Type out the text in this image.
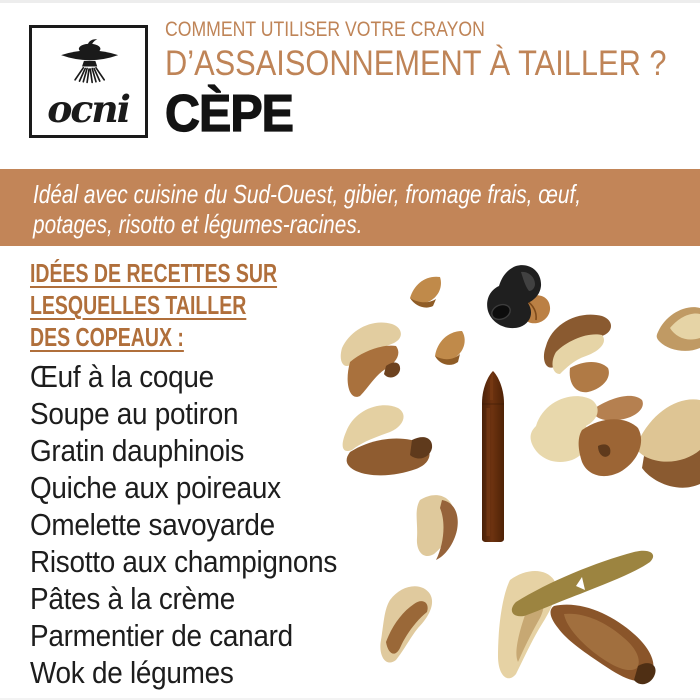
ocni
COMMENT UTILISER VOTRE CRAYON
D’ASSAISONNEMENT À TAILLER ?
CÈPE
Idéal avec cuisine du Sud-Ouest, gibier, fromage frais, œuf,
potages, risotto et légumes-racines.
IDÉES DE RECETTES SUR
LESQUELLES TAILLER
DES COPEAUX :
Œuf à la coque
Soupe au potiron
Gratin dauphinois
Quiche aux poireaux
Omelette savoyarde
Risotto aux champignons
Pâtes à la crème
Parmentier de canard
Wok de légumes
